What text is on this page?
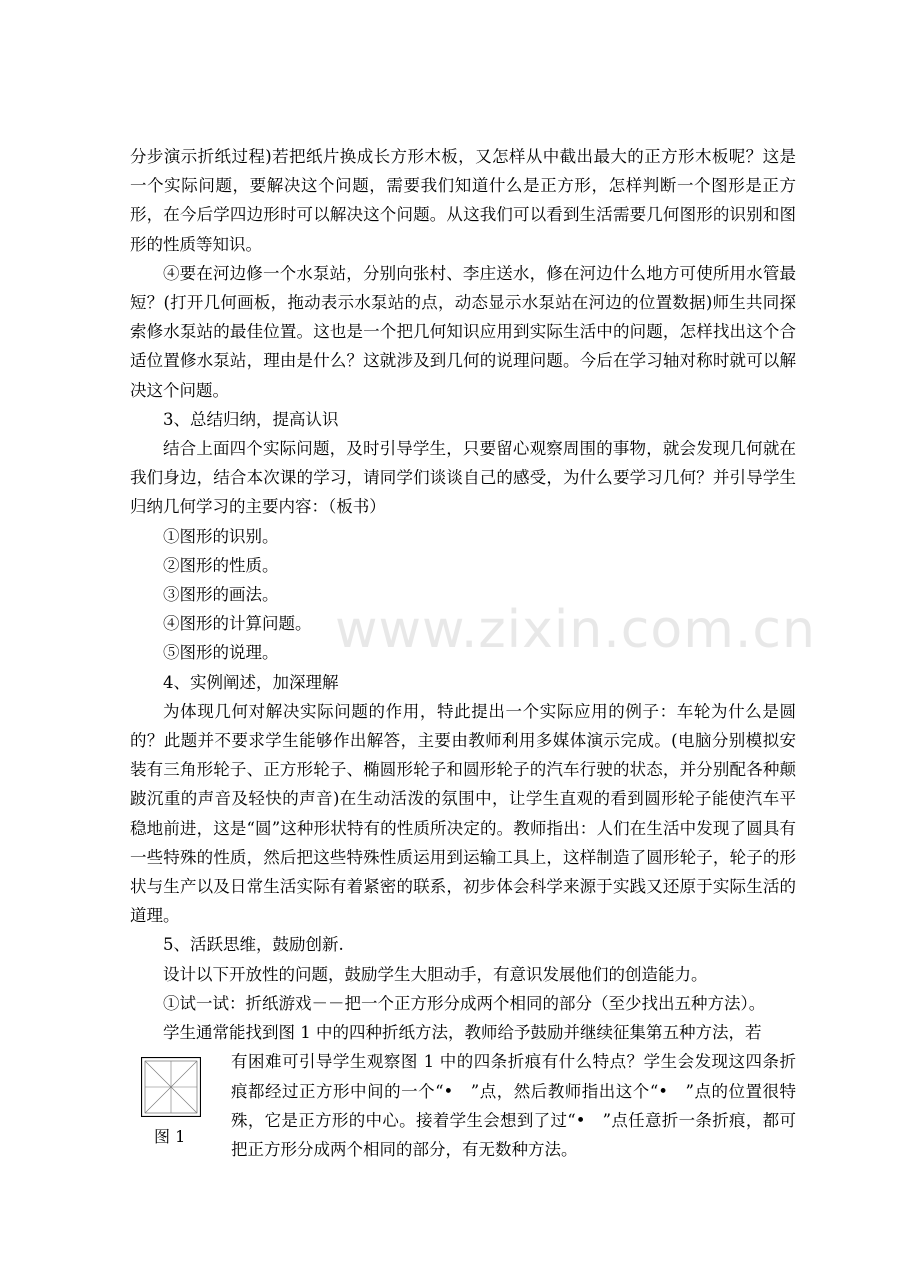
www.zixin.com.cn

分步演示折纸过程)若把纸片换成长方形木板，又怎样从中截出最大的正方形木板呢？这是一个实际问题，要解决这个问题，需要我们知道什么是正方形，怎样判断一个图形是正方形，在今后学四边形时可以解决这个问题。从这我们可以看到生活需要几何图形的识别和图形的性质等知识。

④要在河边修一个水泵站，分别向张村、李庄送水，修在河边什么地方可使所用水管最短？(打开几何画板，拖动表示水泵站的点，动态显示水泵站在河边的位置数据)师生共同探索修水泵站的最佳位置。这也是一个把几何知识应用到实际生活中的问题，怎样找出这个合适位置修水泵站，理由是什么？这就涉及到几何的说理问题。今后在学习轴对称时就可以解决这个问题。

3、总结归纳，提高认识

结合上面四个实际问题，及时引导学生，只要留心观察周围的事物，就会发现几何就在我们身边，结合本次课的学习，请同学们谈谈自己的感受，为什么要学习几何？并引导学生归纳几何学习的主要内容：（板书）

①图形的识别。

②图形的性质。

③图形的画法。

④图形的计算问题。

⑤图形的说理。

4、实例阐述，加深理解

为体现几何对解决实际问题的作用，特此提出一个实际应用的例子：车轮为什么是圆的？此题并不要求学生能够作出解答，主要由教师利用多媒体演示完成。(电脑分别模拟安装有三角形轮子、正方形轮子、椭圆形轮子和圆形轮子的汽车行驶的状态，并分别配各种颠跛沉重的声音及轻快的声音)在生动活泼的氛围中，让学生直观的看到圆形轮子能使汽车平稳地前进，这是“圆”这种形状特有的性质所决定的。教师指出：人们在生活中发现了圆具有一些特殊的性质，然后把这些特殊性质运用到运输工具上，这样制造了圆形轮子，轮子的形状与生产以及日常生活实际有着紧密的联系，初步体会科学来源于实践又还原于实际生活的道理。

5、活跃思维，鼓励创新.

设计以下开放性的问题，鼓励学生大胆动手，有意识发展他们的创造能力。

①试一试：折纸游戏－－把一个正方形分成两个相同的部分（至少找出五种方法）。

学生通常能找到图 1 中的四种折纸方法，教师给予鼓励并继续征集第五种方法，若

图 1

有困难可引导学生观察图 1 中的四条折痕有什么特点？学生会发现这四条折痕都经过正方形中间的一个“•　”点，然后教师指出这个“•　”点的位置很特殊，它是正方形的中心。接着学生会想到了过“•　”点任意折一条折痕，都可把正方形分成两个相同的部分，有无数种方法。
